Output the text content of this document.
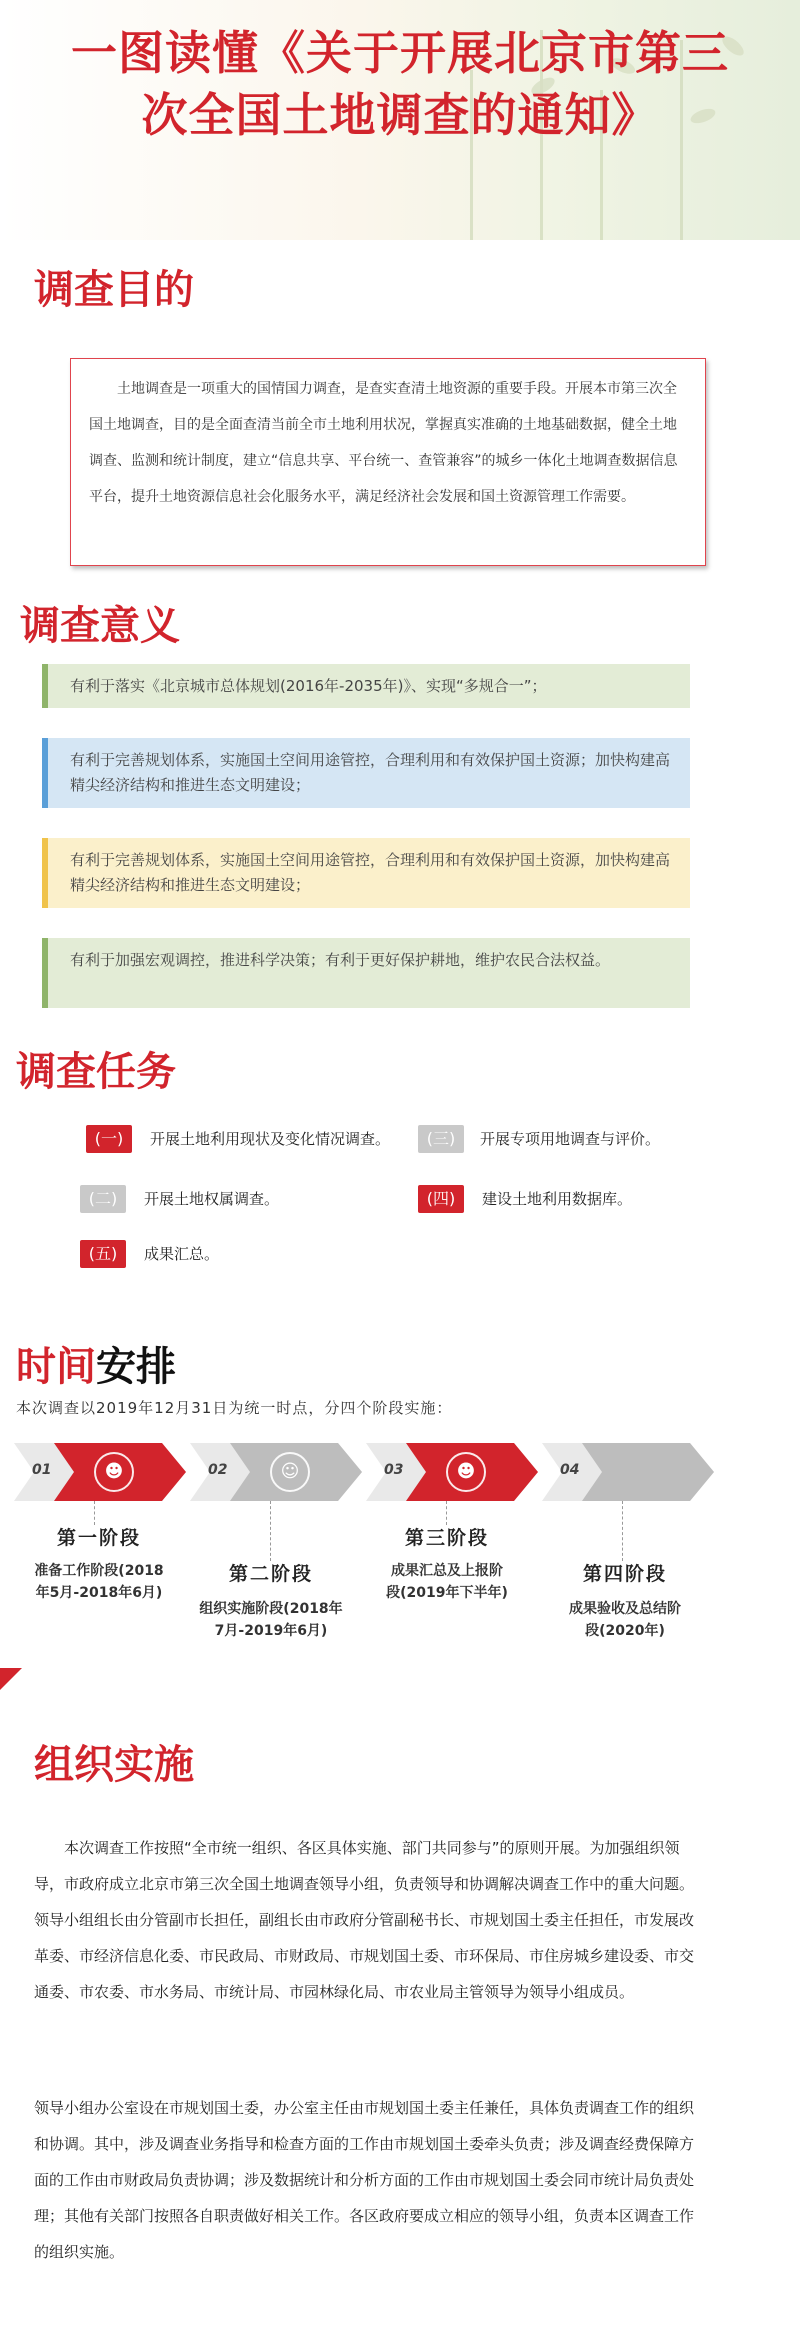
一图读懂《关于开展北京市第三
次全国土地调查的通知》
调查目的
土地调查是一项重大的国情国力调查，是查实查清土地资源的重要手段。开展本市第三次全国土地调查，目的是全面查清当前全市土地利用状况，掌握真实准确的土地基础数据，健全土地调查、监测和统计制度，建立“信息共享、平台统一、查管兼容”的城乡一体化土地调查数据信息平台，提升土地资源信息社会化服务水平，满足经济社会发展和国土资源管理工作需要。
调查意义
有利于落实《北京城市总体规划(2016年-2035年)》、实现“多规合一”；
有利于完善规划体系，实施国土空间用途管控，合理利用和有效保护国土资源；加快构建高精尖经济结构和推进生态文明建设；
有利于完善规划体系，实施国土空间用途管控，合理利用和有效保护国土资源，加快构建高精尖经济结构和推进生态文明建设；
有利于加强宏观调控，推进科学决策；有利于更好保护耕地，维护农民合法权益。
调查任务
(一)	开展土地利用现状及变化情况调查。	(三)	开展专项用地调查与评价。
(二)	开展土地权属调查。	(四)	建设土地利用数据库。
(五)	成果汇总。
时间安排
本次调查以2019年12月31日为统一时点，分四个阶段实施：
01	☻	02	☺	03	☻	04
第一阶段
准备工作阶段(2018
年5月-2018年6月)
第二阶段
组织实施阶段(2018年
7月-2019年6月)
第三阶段
成果汇总及上报阶
段(2019年下半年)
第四阶段
成果验收及总结阶
段(2020年)
组织实施
本次调查工作按照“全市统一组织、各区具体实施、部门共同参与”的原则开展。为加强组织领导，市政府成立北京市第三次全国土地调查领导小组，负责领导和协调解决调查工作中的重大问题。领导小组组长由分管副市长担任，副组长由市政府分管副秘书长、市规划国土委主任担任，市发展改革委、市经济信息化委、市民政局、市财政局、市规划国土委、市环保局、市住房城乡建设委、市交通委、市农委、市水务局、市统计局、市园林绿化局、市农业局主管领导为领导小组成员。
领导小组办公室设在市规划国土委，办公室主任由市规划国土委主任兼任，具体负责调查工作的组织和协调。其中，涉及调查业务指导和检查方面的工作由市规划国土委牵头负责；涉及调查经费保障方面的工作由市财政局负责协调；涉及数据统计和分析方面的工作由市规划国土委会同市统计局负责处理；其他有关部门按照各自职责做好相关工作。各区政府要成立相应的领导小组，负责本区调查工作的组织实施。
